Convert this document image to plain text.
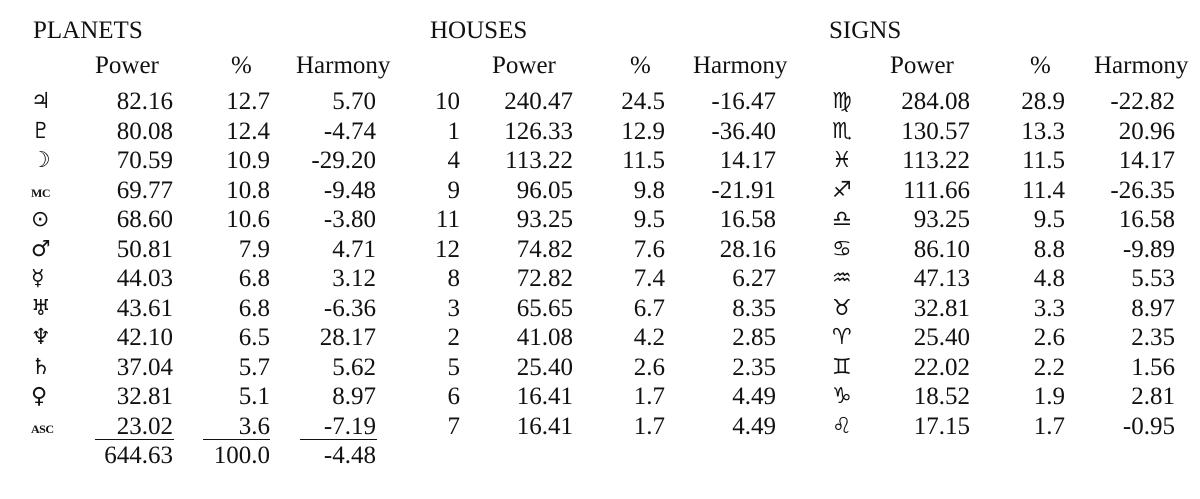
PLANETS
Power	% Harmony
♃	82.16	12.7	5.70
♇	80.08	12.4	-4.74
☽	70.59	10.9	-29.20
MC	69.77	10.8	-9.48
⊙	68.60	10.6	-3.80
♂	50.81	7.9	4.71
☿	44.03	6.8	3.12
♅	43.61	6.8	-6.36
♆	42.10	6.5	28.17
♄	37.04	5.7	5.62
♀	32.81	5.1	8.97
ASC	23.02	3.6	-7.19
644.63	100.0	-4.48
HOUSES
Power	% Harmony
10	240.47	24.5	-16.47
1	126.33	12.9	-36.40
4	113.22	11.5	14.17
9	96.05	9.8	-21.91
11	93.25	9.5	16.58
12	74.82	7.6	28.16
8	72.82	7.4	6.27
3	65.65	6.7	8.35
2	41.08	4.2	2.85
5	25.40	2.6	2.35
6	16.41	1.7	4.49
7	16.41	1.7	4.49
SIGNS
Power	% Harmony
♍	284.08	28.9	-22.82
♏	130.57	13.3	20.96
♓	113.22	11.5	14.17
♐	111.66	11.4	-26.35
♎	93.25	9.5	16.58
♋	86.10	8.8	-9.89
♒	47.13	4.8	5.53
♉	32.81	3.3	8.97
♈	25.40	2.6	2.35
♊	22.02	2.2	1.56
♑	18.52	1.9	2.81
♌	17.15	1.7	-0.95
